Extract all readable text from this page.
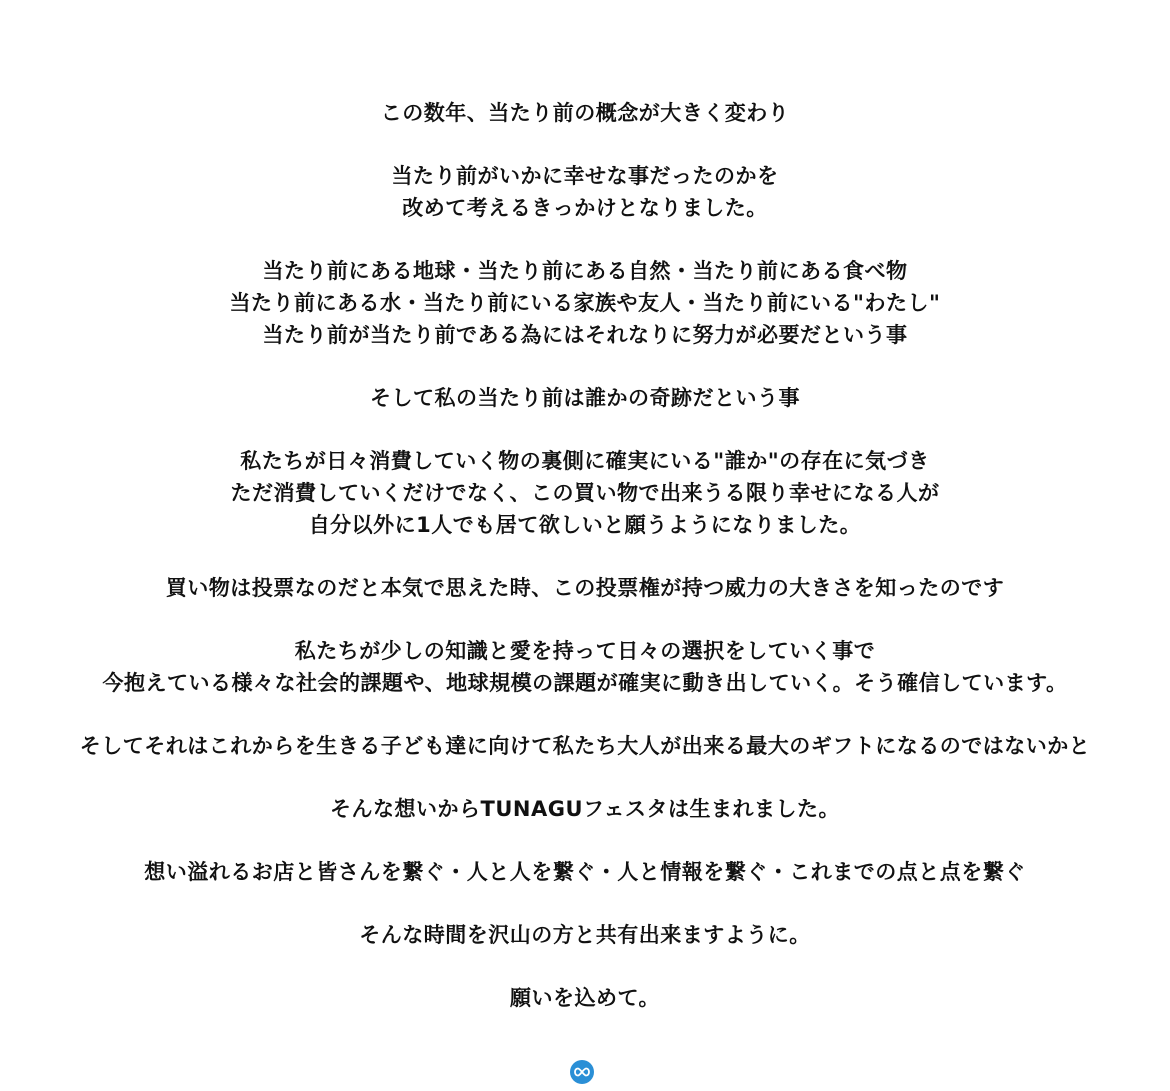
この数年、当たり前の概念が大きく変わり
当たり前がいかに幸せな事だったのかを
改めて考えるきっかけとなりました。
当たり前にある地球・当たり前にある自然・当たり前にある食べ物
当たり前にある水・当たり前にいる家族や友人・当たり前にいる"わたし"
当たり前が当たり前である為にはそれなりに努力が必要だという事
そして私の当たり前は誰かの奇跡だという事
私たちが日々消費していく物の裏側に確実にいる"誰か"の存在に気づき
ただ消費していくだけでなく、この買い物で出来うる限り幸せになる人が
自分以外に1人でも居て欲しいと願うようになりました。
買い物は投票なのだと本気で思えた時、この投票権が持つ威力の大きさを知ったのです
私たちが少しの知識と愛を持って日々の選択をしていく事で
今抱えている様々な社会的課題や、地球規模の課題が確実に動き出していく。そう確信しています。
そしてそれはこれからを生きる子ども達に向けて私たち大人が出来る最大のギフトになるのではないかと
そんな想いからTUNAGUフェスタは生まれました。
想い溢れるお店と皆さんを繋ぐ・人と人を繋ぐ・人と情報を繋ぐ・これまでの点と点を繋ぐ
そんな時間を沢山の方と共有出来ますように。
願いを込めて。
